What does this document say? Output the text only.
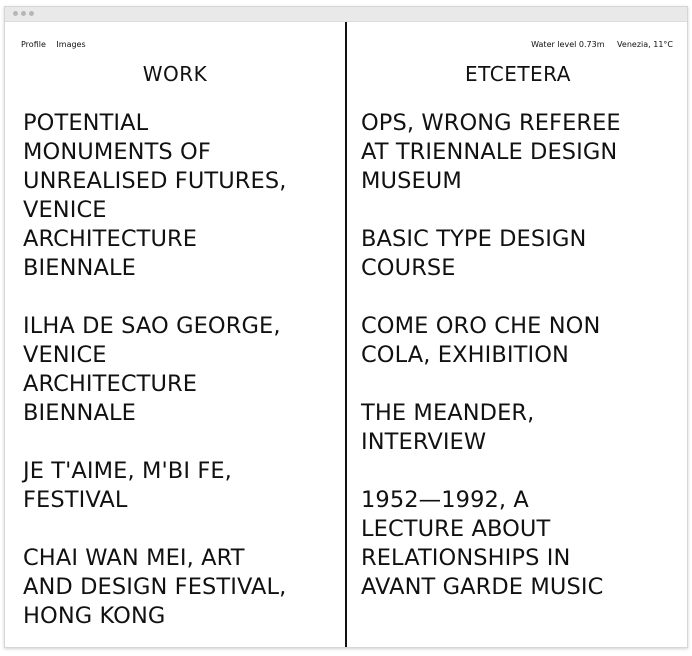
Profile Images	Water level 0.73m Venezia, 11°C
WORK	ETCETERA
POTENTIAL
MONUMENTS OF
UNREALISED FUTURES,
VENICE
ARCHITECTURE
BIENNALE
ILHA DE SAO GEORGE,
VENICE
ARCHITECTURE
BIENNALE
JE T'AIME, M'BI FE,
FESTIVAL
CHAI WAN MEI, ART
AND DESIGN FESTIVAL,
HONG KONG
OPS, WRONG REFEREE
AT TRIENNALE DESIGN
MUSEUM
BASIC TYPE DESIGN
COURSE
COME ORO CHE NON
COLA, EXHIBITION
THE MEANDER,
INTERVIEW
1952—1992, A
LECTURE ABOUT
RELATIONSHIPS IN
AVANT GARDE MUSIC
